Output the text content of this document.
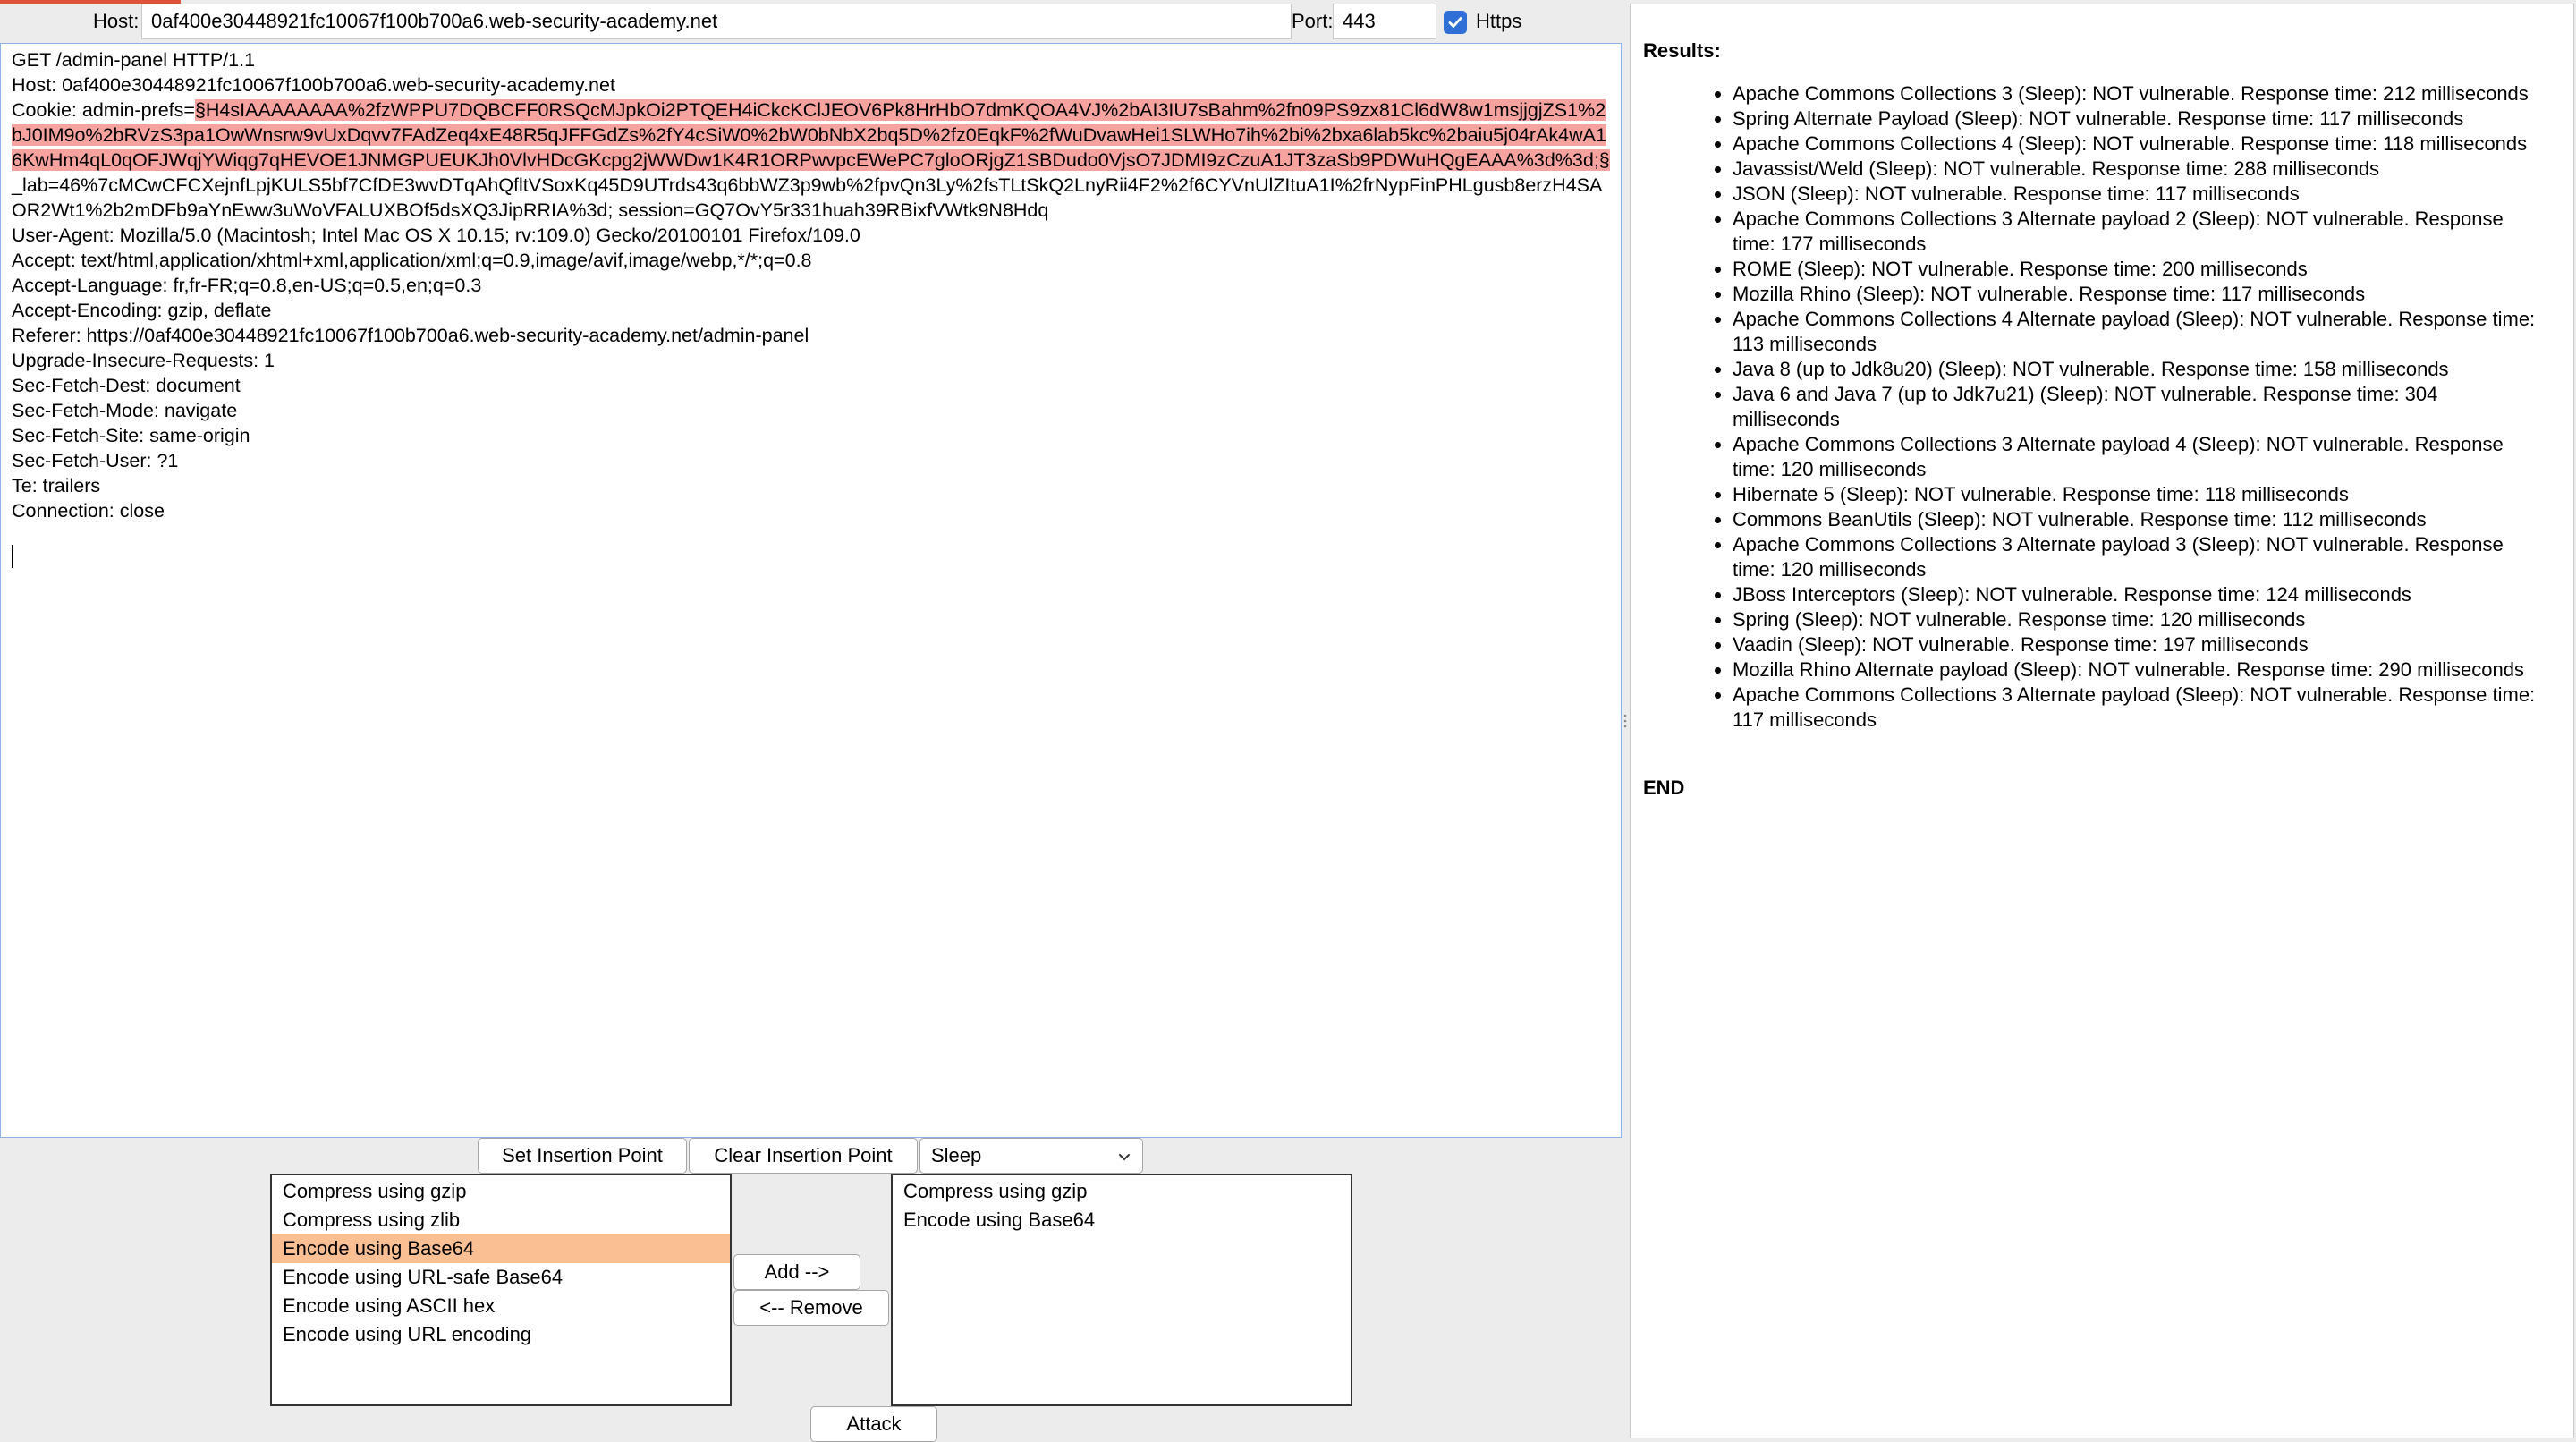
Host:
0af400e30448921fc10067f100b700a6.web-security-academy.net	Port:
443	Https
GET /admin-panel HTTP/1.1
Host: 0af400e30448921fc10067f100b700a6.web-security-academy.net
Cookie: admin-prefs=§H4sIAAAAAAAA%2fzWPPU7DQBCFF0RSQcMJpkOi2PTQEH4iCkcKClJEOV6Pk8HrHbO7dmKQOA4VJ%2bAI3IU7sBahm%2fn09PS9zx81Cl6dW8w1msjjgjZS1%2bJ0IM9o%2bRVzS3pa1OwWnsrw9vUxDqvv7FAdZeq4xE48R5qJFFGdZs%2fY4cSiW0%2bW0bNbX2bq5D%2fz0EqkF%2fWuDvawHei1SLWHo7ih%2bi%2bxa6lab5kc%2baiu5j04rAk4wA16KwHm4qL0qOFJWqjYWiqg7qHEVOE1JNMGPUEUKJh0VlvHDcGKcpg2jWWDw1K4R1ORPwvpcEWePC7gloORjgZ1SBDudo0VjsO7JDMI9zCzuA1JT3zaSb9PDWuHQgEAAA%3d%3d;§ _lab=46%7cMCwCFCXejnfLpjKULS5bf7CfDE3wvDTqAhQfltVSoxKq45D9UTrds43q6bbWZ3p9wb%2fpvQn3Ly%2fsTLtSkQ2LnyRii4F2%2f6CYVnUlZItuA1I%2frNypFinPHLgusb8erzH4SAOR2Wt1%2b2mDFb9aYnEww3uWoVFALUXBOf5dsXQ3JipRRIA%3d; session=GQ7OvY5r331huah39RBixfVWtk9N8Hdq
User-Agent: Mozilla/5.0 (Macintosh; Intel Mac OS X 10.15; rv:109.0) Gecko/20100101 Firefox/109.0
Accept: text/html,application/xhtml+xml,application/xml;q=0.9,image/avif,image/webp,*/*;q=0.8
Accept-Language: fr,fr-FR;q=0.8,en-US;q=0.5,en;q=0.3
Accept-Encoding: gzip, deflate
Referer: https://0af400e30448921fc10067f100b700a6.web-security-academy.net/admin-panel
Upgrade-Insecure-Requests: 1
Sec-Fetch-Dest: document
Sec-Fetch-Mode: navigate
Sec-Fetch-Site: same-origin
Sec-Fetch-User: ?1
Te: trailers
Connection: close
Results:
• Apache Commons Collections 3 (Sleep): NOT vulnerable. Response time: 212 milliseconds
• Spring Alternate Payload (Sleep): NOT vulnerable. Response time: 117 milliseconds
• Apache Commons Collections 4 (Sleep): NOT vulnerable. Response time: 118 milliseconds
• Javassist/Weld (Sleep): NOT vulnerable. Response time: 288 milliseconds
• JSON (Sleep): NOT vulnerable. Response time: 117 milliseconds
• Apache Commons Collections 3 Alternate payload 2 (Sleep): NOT vulnerable. Response time: 177 milliseconds
• ROME (Sleep): NOT vulnerable. Response time: 200 milliseconds
• Mozilla Rhino (Sleep): NOT vulnerable. Response time: 117 milliseconds
• Apache Commons Collections 4 Alternate payload (Sleep): NOT vulnerable. Response time: 113 milliseconds
• Java 8 (up to Jdk8u20) (Sleep): NOT vulnerable. Response time: 158 milliseconds
• Java 6 and Java 7 (up to Jdk7u21) (Sleep): NOT vulnerable. Response time: 304 milliseconds
• Apache Commons Collections 3 Alternate payload 4 (Sleep): NOT vulnerable. Response time: 120 milliseconds
• Hibernate 5 (Sleep): NOT vulnerable. Response time: 118 milliseconds
• Commons BeanUtils (Sleep): NOT vulnerable. Response time: 112 milliseconds
• Apache Commons Collections 3 Alternate payload 3 (Sleep): NOT vulnerable. Response time: 120 milliseconds
• JBoss Interceptors (Sleep): NOT vulnerable. Response time: 124 milliseconds
• Spring (Sleep): NOT vulnerable. Response time: 120 milliseconds
• Vaadin (Sleep): NOT vulnerable. Response time: 197 milliseconds
• Mozilla Rhino Alternate payload (Sleep): NOT vulnerable. Response time: 290 milliseconds
• Apache Commons Collections 3 Alternate payload (Sleep): NOT vulnerable. Response time: 117 milliseconds
END
Set Insertion Point	Clear Insertion Point	Sleep
Compress using gzip
Compress using zlib
Encode using Base64
Encode using URL-safe Base64
Encode using ASCII hex
Encode using URL encoding
Add -->
<-- Remove
Compress using gzip
Encode using Base64
Attack
